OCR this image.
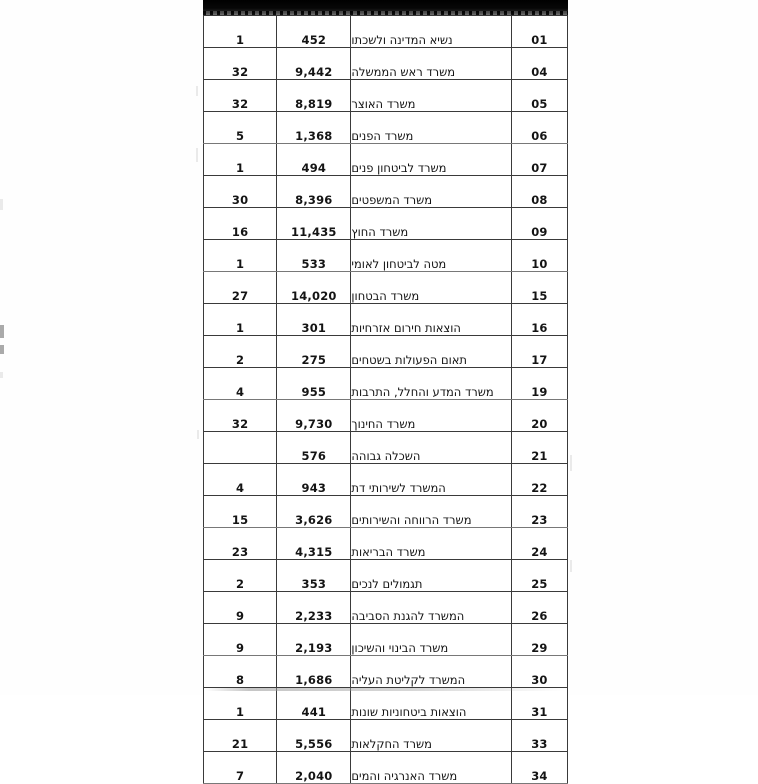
01	נשיא המדינה ולשכתו	452	1
04	משרד ראש הממשלה	9,442	32
05	משרד האוצר	8,819	32
06	משרד הפנים	1,368	5
07	משרד לביטחון פנים	494	1
08	משרד המשפטים	8,396	30
09	משרד החוץ	11,435	16
10	מטה לביטחון לאומי	533	1
15	משרד הבטחון	14,020	27
16	הוצאות חירום אזרחיות	301	1
17	תאום הפעולות בשטחים	275	2
19	משרד המדע והחלל, התרבות	955	4
20	משרד החינוך	9,730	32
21	השכלה גבוהה	576	
22	המשרד לשירותי דת	943	4
23	משרד הרווחה והשירותים	3,626	15
24	משרד הבריאות	4,315	23
25	תגמולים לנכים	353	2
26	המשרד להגנת הסביבה	2,233	9
29	משרד הבינוי והשיכון	2,193	9
30	המשרד לקליטת העליה	1,686	8
31	הוצאות ביטחוניות שונות	441	1
33	משרד החקלאות	5,556	21
34	משרד האנרגיה והמים	2,040	7
